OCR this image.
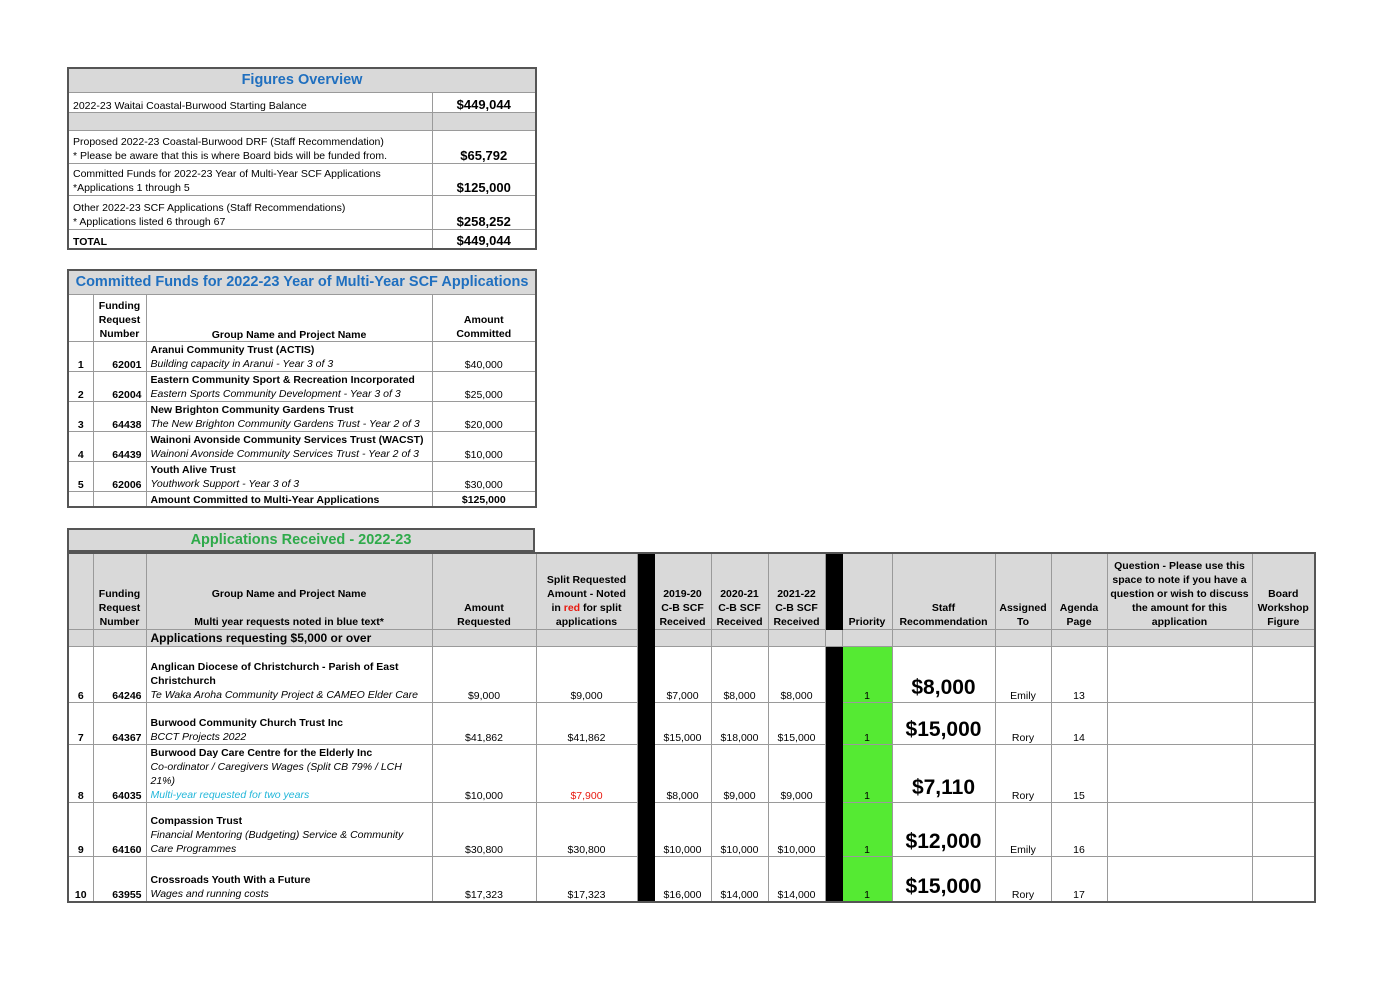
Figures Overview	
2022-23 Waitai Coastal-Burwood Starting Balance	$449,044

Proposed 2022-23 Coastal-Burwood DRF (Staff Recommendation)
* Please be aware that this is where Board bids will be funded from.	$65,792

Committed Funds for 2022-23 Year of Multi-Year SCF Applications
*Applications 1 through 5	$125,000

Other 2022-23 SCF Applications (Staff Recommendations)
* Applications listed 6 through 67	$258,252
TOTAL	$449,044
Committed Funds for 2022-23 Year of Multi-Year SCF Applications			

	Funding
Request
Number	Group Name and Project Name	Amount
Committed

1	62001	Aranui Community Trust (ACTIS)
Building capacity in Aranui - Year 3 of 3	$40,000
2	62004	Eastern Community Sport & Recreation Incorporated
Eastern Sports Community Development - Year 3 of 3	$25,000
3	64438	New Brighton Community Gardens Trust
The New Brighton Community Gardens Trust - Year 2 of 3	$20,000
4	64439	Wainoni Avonside Community Services Trust (WACST)
Wainoni Avonside Community Services Trust - Year 2 of 3	$10,000
5	62006	Youth Alive Trust
Youthwork Support - Year 3 of 3	$30,000
		Amount Committed to Multi-Year Applications	$125,000
Applications Received - 2022-23

	Funding
Request
Number	Group Name and Project Name
Multi year requests noted in blue text*	Amount
Requested	Split Requested
Amount - Noted
in red for split
applications		2019-20
C-B SCF
Received	2020-21
C-B SCF
Received	2021-22
C-B SCF
Received		Priority	Staff
Recommendation	Assigned
To	Agenda
Page	Question - Please use this
space to note if you have a
question or wish to discuss
the amount for this
application	Board
Workshop
Figure

		Applications requesting $5,000 or over													
6	64246	Anglican Diocese of Christchurch - Parish of East
Christchurch
Te Waka Aroha Community Project & CAMEO Elder Care	$9,000	$9,000		$7,000	$8,000	$8,000		1	$8,000	Emily	13		
7	64367	Burwood Community Church Trust Inc
BCCT Projects 2022	$41,862	$41,862		$15,000	$18,000	$15,000		1	$15,000	Rory	14		
8	64035	Burwood Day Care Centre for the Elderly Inc
Co-ordinator / Caregivers Wages (Split CB 79% / LCH
21%)
Multi-year requested for two years	$10,000	$7,900		$8,000	$9,000	$9,000		1	$7,110	Rory	15		
9	64160	Compassion Trust
Financial Mentoring (Budgeting) Service & Community
Care Programmes	$30,800	$30,800		$10,000	$10,000	$10,000		1	$12,000	Emily	16		
10	63955	Crossroads Youth With a Future
Wages and running costs	$17,323	$17,323		$16,000	$14,000	$14,000		1	$15,000	Rory	17		
